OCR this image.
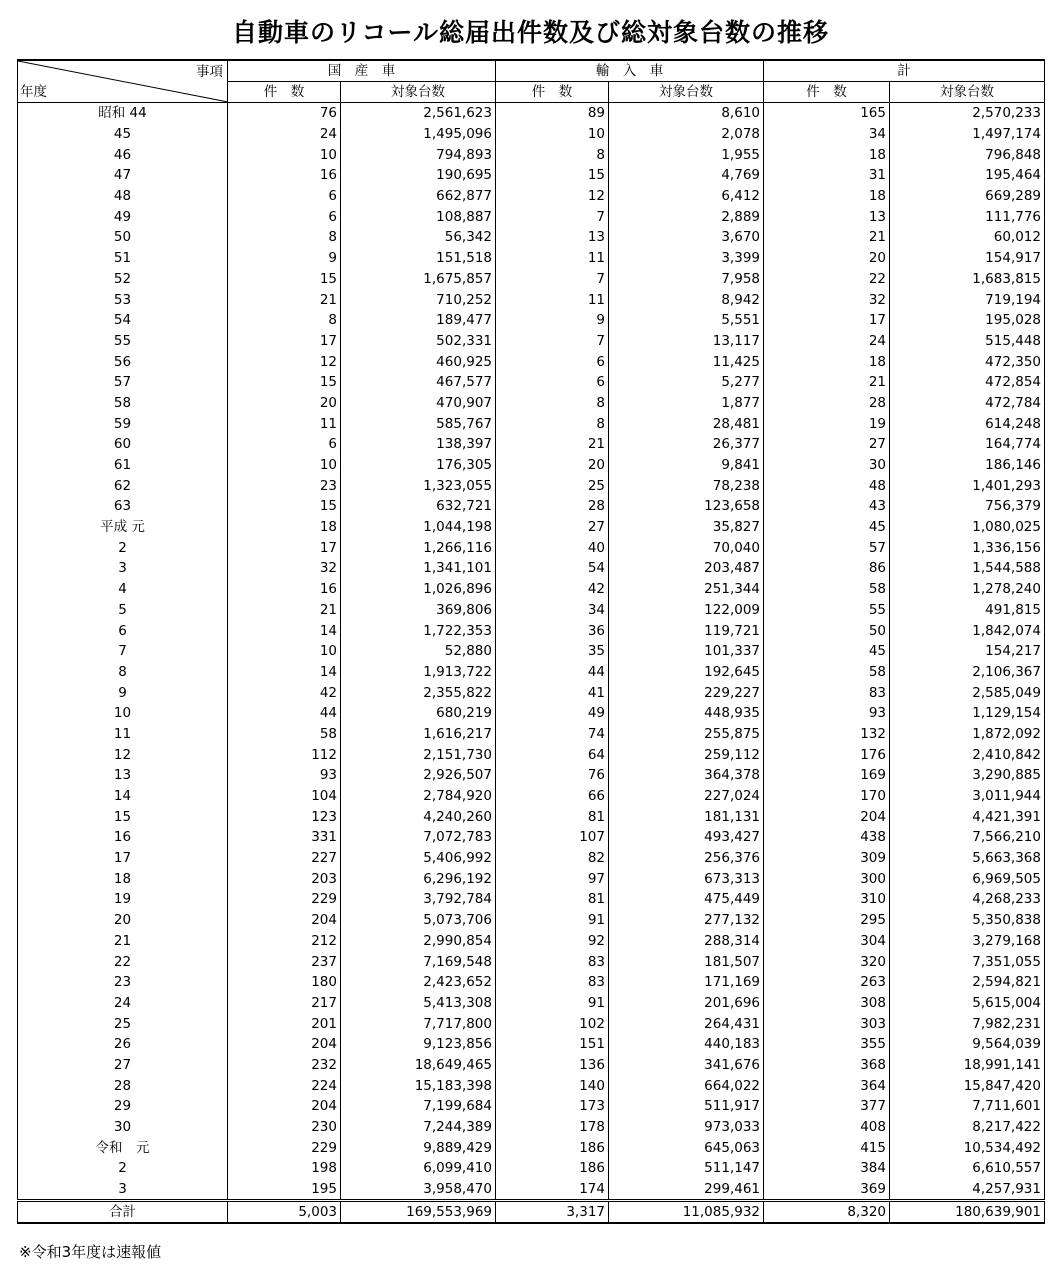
自動車のリコール総届出件数及び総対象台数の推移
事項
年度	国　産　車		輸　入　車		計	
	件　数	対象台数	件　数	対象台数	件　数	対象台数
昭和 44	76	2,561,623	89	8,610	165	2,570,233
45	24	1,495,096	10	2,078	34	1,497,174
46	10	794,893	8	1,955	18	796,848
47	16	190,695	15	4,769	31	195,464
48	6	662,877	12	6,412	18	669,289
49	6	108,887	7	2,889	13	111,776
50	8	56,342	13	3,670	21	60,012
51	9	151,518	11	3,399	20	154,917
52	15	1,675,857	7	7,958	22	1,683,815
53	21	710,252	11	8,942	32	719,194
54	8	189,477	9	5,551	17	195,028
55	17	502,331	7	13,117	24	515,448
56	12	460,925	6	11,425	18	472,350
57	15	467,577	6	5,277	21	472,854
58	20	470,907	8	1,877	28	472,784
59	11	585,767	8	28,481	19	614,248
60	6	138,397	21	26,377	27	164,774
61	10	176,305	20	9,841	30	186,146
62	23	1,323,055	25	78,238	48	1,401,293
63	15	632,721	28	123,658	43	756,379
平成 元	18	1,044,198	27	35,827	45	1,080,025
2	17	1,266,116	40	70,040	57	1,336,156
3	32	1,341,101	54	203,487	86	1,544,588
4	16	1,026,896	42	251,344	58	1,278,240
5	21	369,806	34	122,009	55	491,815
6	14	1,722,353	36	119,721	50	1,842,074
7	10	52,880	35	101,337	45	154,217
8	14	1,913,722	44	192,645	58	2,106,367
9	42	2,355,822	41	229,227	83	2,585,049
10	44	680,219	49	448,935	93	1,129,154
11	58	1,616,217	74	255,875	132	1,872,092
12	112	2,151,730	64	259,112	176	2,410,842
13	93	2,926,507	76	364,378	169	3,290,885
14	104	2,784,920	66	227,024	170	3,011,944
15	123	4,240,260	81	181,131	204	4,421,391
16	331	7,072,783	107	493,427	438	7,566,210
17	227	5,406,992	82	256,376	309	5,663,368
18	203	6,296,192	97	673,313	300	6,969,505
19	229	3,792,784	81	475,449	310	4,268,233
20	204	5,073,706	91	277,132	295	5,350,838
21	212	2,990,854	92	288,314	304	3,279,168
22	237	7,169,548	83	181,507	320	7,351,055
23	180	2,423,652	83	171,169	263	2,594,821
24	217	5,413,308	91	201,696	308	5,615,004
25	201	7,717,800	102	264,431	303	7,982,231
26	204	9,123,856	151	440,183	355	9,564,039
27	232	18,649,465	136	341,676	368	18,991,141
28	224	15,183,398	140	664,022	364	15,847,420
29	204	7,199,684	173	511,917	377	7,711,601
30	230	7,244,389	178	973,033	408	8,217,422
令和　元	229	9,889,429	186	645,063	415	10,534,492
2	198	6,099,410	186	511,147	384	6,610,557
3	195	3,958,470	174	299,461	369	4,257,931
合計	5,003	169,553,969	3,317	11,085,932	8,320	180,639,901
※令和3年度は速報値
